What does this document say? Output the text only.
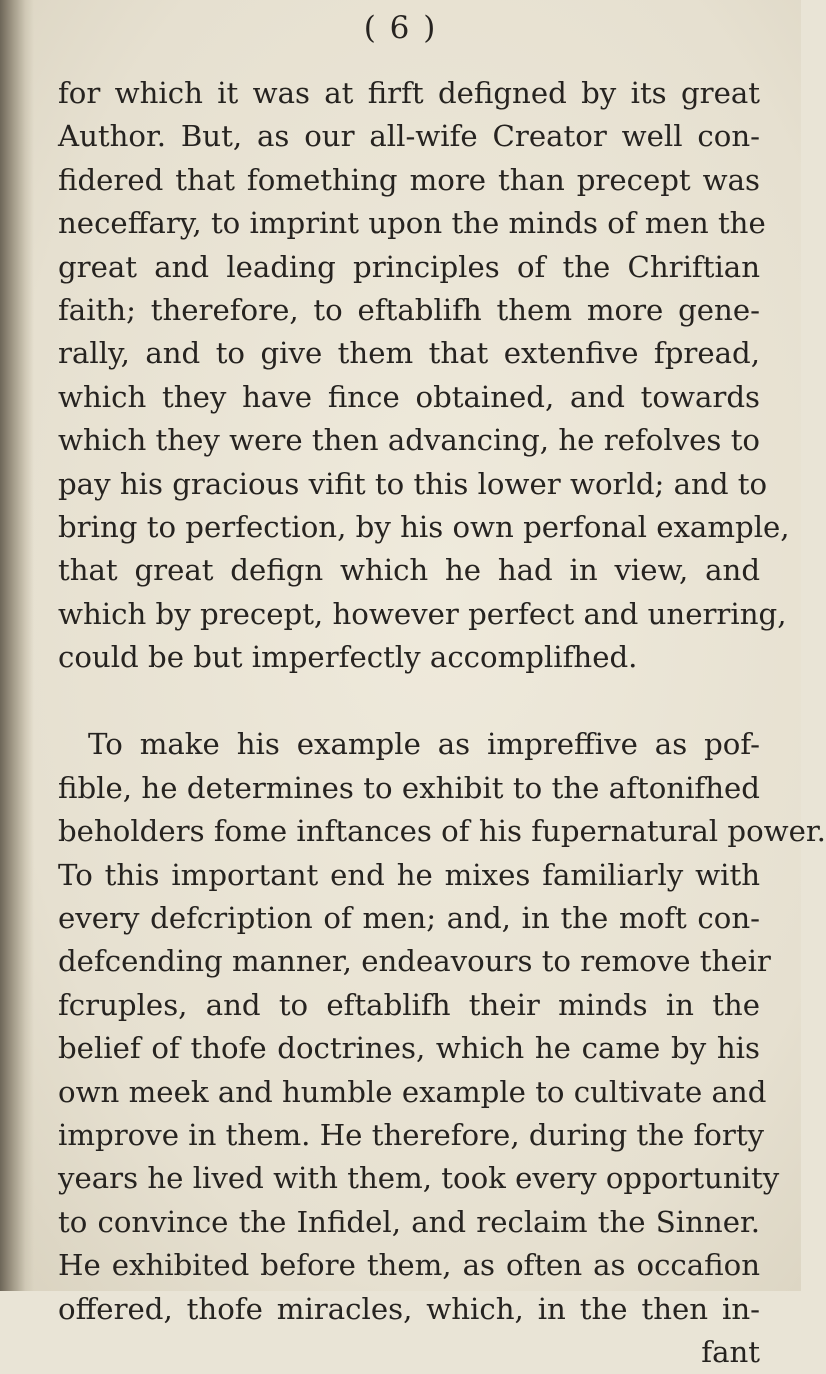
( 6 )
for which it was at firft defigned by its great
Author. But, as our all-wife Creator well con-
fidered that fomething more than precept was
neceffary, to imprint upon the minds of men the
great and leading principles of the Chriftian
faith; therefore, to eftablifh them more gene-
rally, and to give them that extenfive fpread,
which they have fince obtained, and towards
which they were then advancing, he refolves to
pay his gracious vifit to this lower world; and to
bring to perfection, by his own perfonal example,
that great defign which he had in view, and
which by precept, however perfect and unerring,
could be but imperfectly accomplifhed.
To make his example as impreffive as pof-
fible, he determines to exhibit to the aftonifhed
beholders fome inftances of his fupernatural power.
To this important end he mixes familiarly with
every defcription of men; and, in the moft con-
defcending manner, endeavours to remove their
fcruples, and to eftablifh their minds in the
belief of thofe doctrines, which he came by his
own meek and humble example to cultivate and
improve in them. He therefore, during the forty
years he lived with them, took every opportunity
to convince the Infidel, and reclaim the Sinner.
He exhibited before them, as often as occafion
offered, thofe miracles, which, in the then in-
fant
